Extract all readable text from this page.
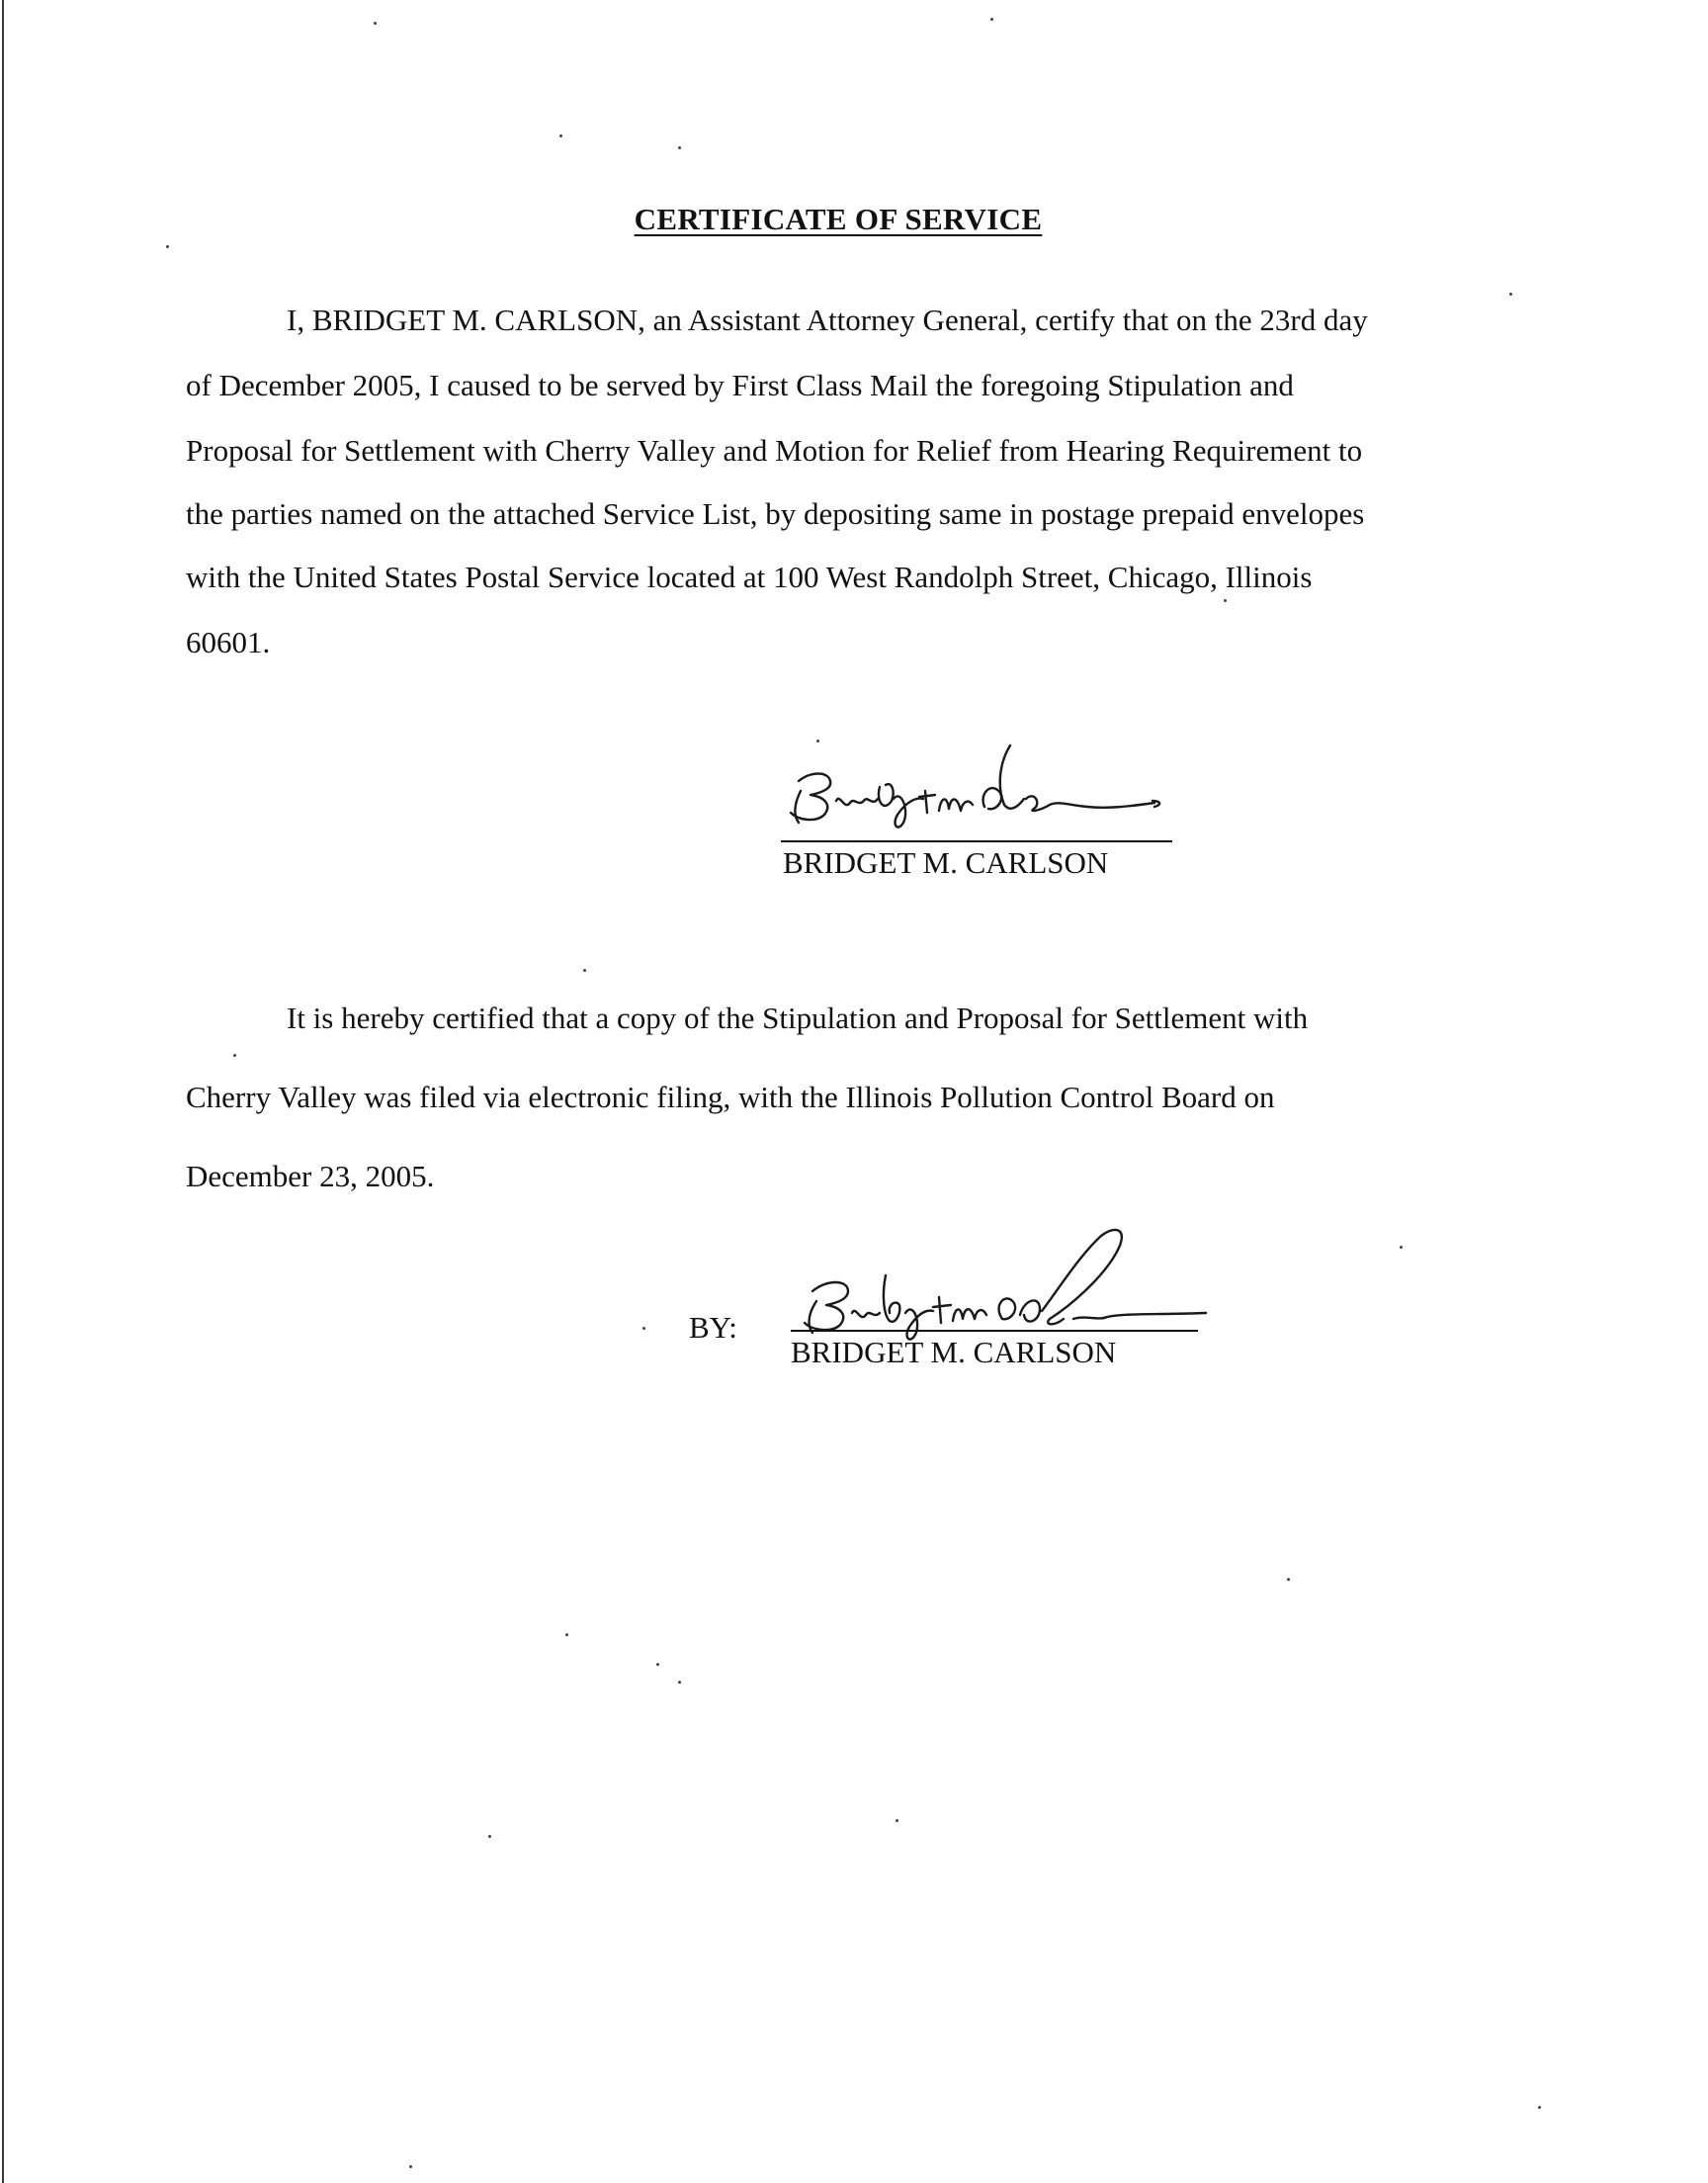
CERTIFICATE OF SERVICE
I, BRIDGET M. CARLSON, an Assistant Attorney General, certify that on the 23rd day
of December 2005, I caused to be served by First Class Mail the foregoing Stipulation and
Proposal for Settlement with Cherry Valley and Motion for Relief from Hearing Requirement to
the parties named on the attached Service List, by depositing same in postage prepaid envelopes
with the United States Postal Service located at 100 West Randolph Street, Chicago, Illinois
60601.
BRIDGET M. CARLSON
It is hereby certified that a copy of the Stipulation and Proposal for Settlement with
Cherry Valley was filed via electronic filing, with the Illinois Pollution Control Board on
December 23, 2005.
BY:
BRIDGET M. CARLSON
